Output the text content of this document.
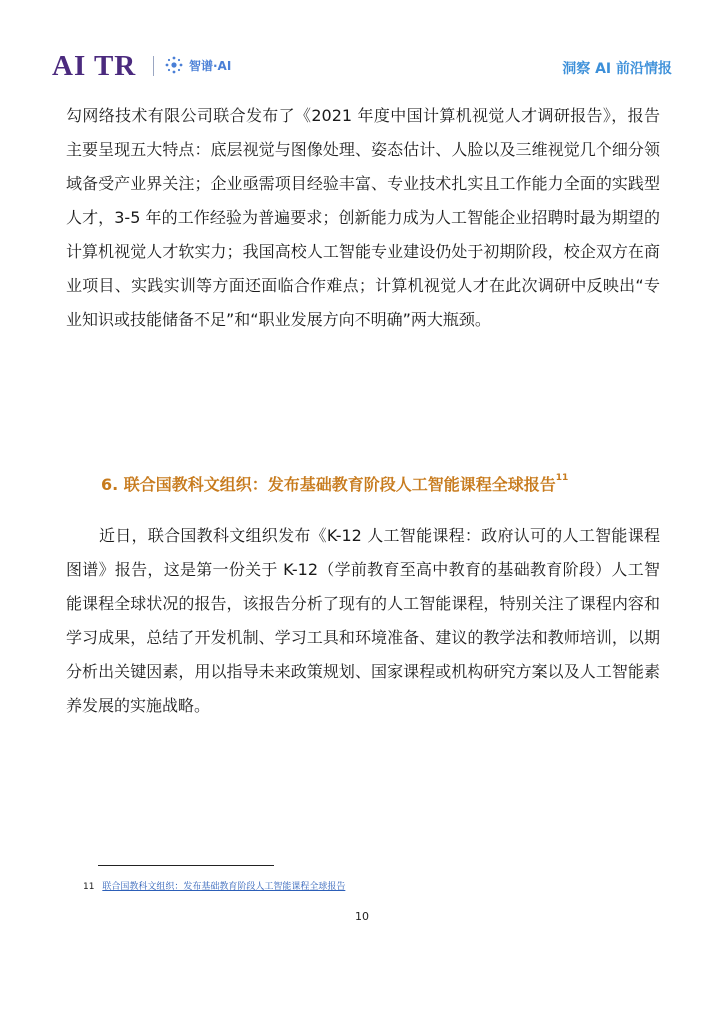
AI TR	智谱·AI	洞察 AI 前沿情报

勾网络技术有限公司联合发布了《2021 年度中国计算机视觉人才调研报告》，报告主要呈现五大特点：底层视觉与图像处理、姿态估计、人脸以及三维视觉几个细分领域备受产业界关注；企业亟需项目经验丰富、专业技术扎实且工作能力全面的实践型人才，3-5 年的工作经验为普遍要求；创新能力成为人工智能企业招聘时最为期望的计算机视觉人才软实力；我国高校人工智能专业建设仍处于初期阶段，校企双方在商业项目、实践实训等方面还面临合作难点；计算机视觉人才在此次调研中反映出“专业知识或技能储备不足”和“职业发展方向不明确”两大瓶颈。

6. 联合国教科文组织：发布基础教育阶段人工智能课程全球报告$^{11}$

近日，联合国教科文组织发布《K-12 人工智能课程：政府认可的人工智能课程图谱》报告，这是第一份关于 K-12（学前教育至高中教育的基础教育阶段）人工智能课程全球状况的报告，该报告分析了现有的人工智能课程，特别关注了课程内容和学习成果，总结了开发机制、学习工具和环境准备、建议的教学法和教师培训，以期分析出关键因素，用以指导未来政策规划、国家课程或机构研究方案以及人工智能素养发展的实施战略。

11 联合国教科文组织：发布基础教育阶段人工智能课程全球报告
10
